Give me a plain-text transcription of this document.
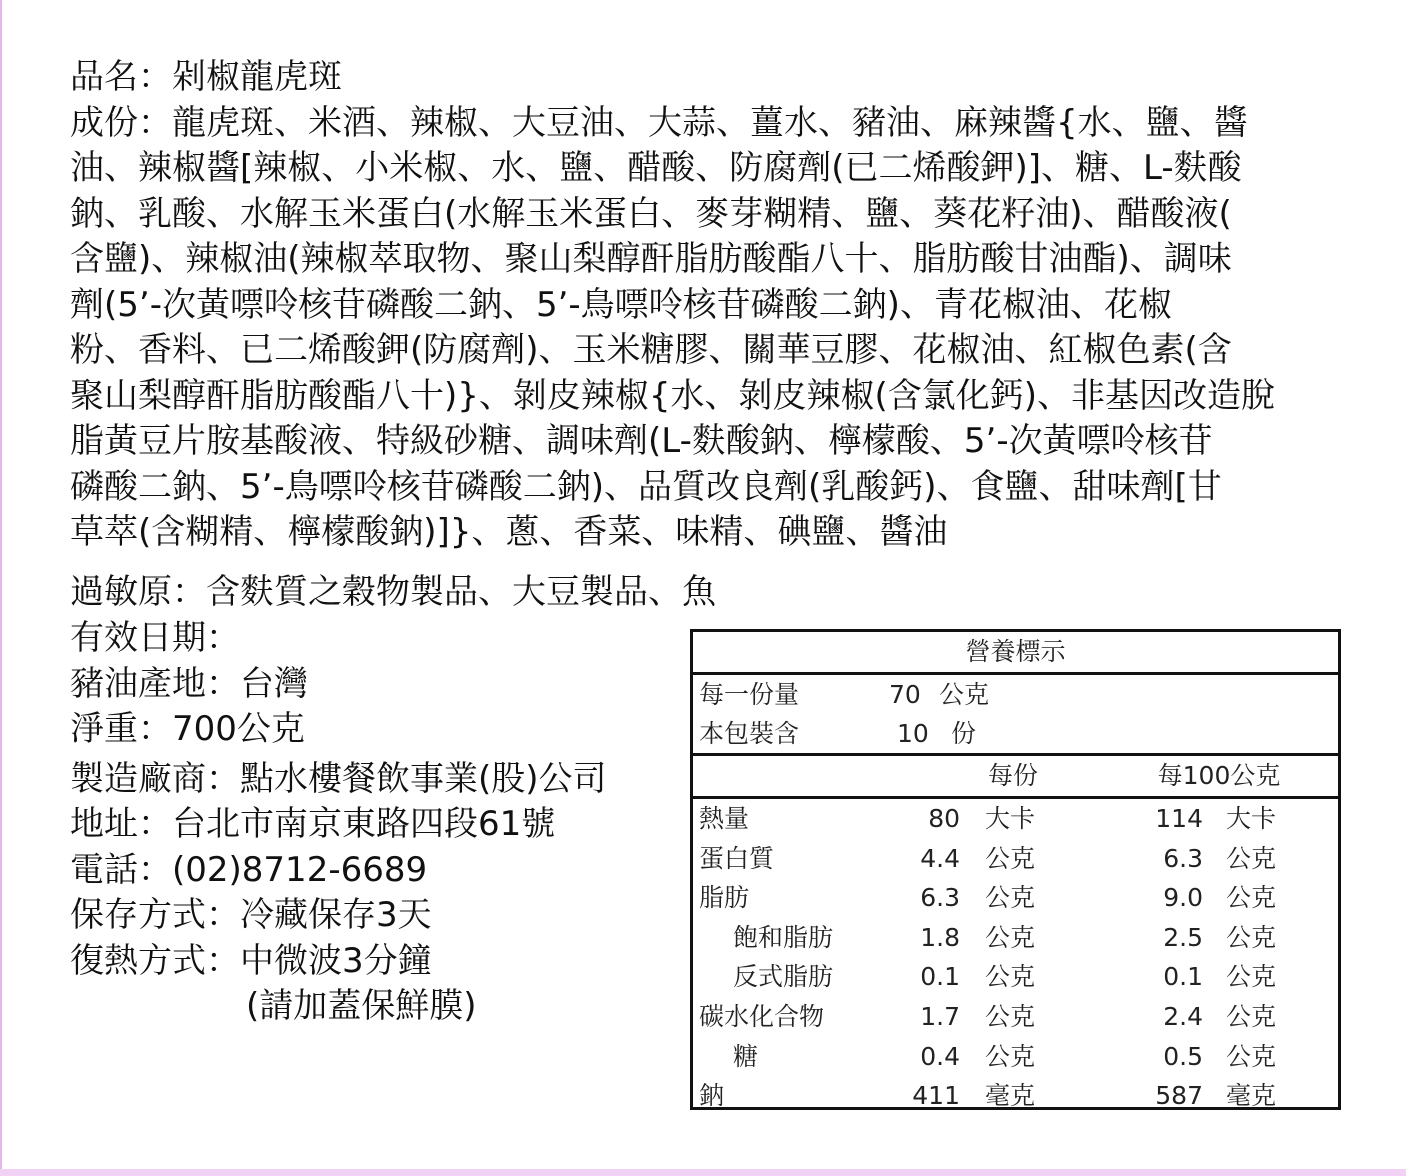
品名：剁椒龍虎斑
成份：龍虎斑、米酒、辣椒、大豆油、大蒜、薑水、豬油、麻辣醬{水、鹽、醬
油、辣椒醬[辣椒、小米椒、水、鹽、醋酸、防腐劑(已二烯酸鉀)]、糖、L-麩酸
鈉、乳酸、水解玉米蛋白(水解玉米蛋白、麥芽糊精、鹽、葵花籽油)、醋酸液(
含鹽)、辣椒油(辣椒萃取物、聚山梨醇酐脂肪酸酯八十、脂肪酸甘油酯)、調味
劑(5’-次黃嘌呤核苷磷酸二鈉、5’-鳥嘌呤核苷磷酸二鈉)、青花椒油、花椒
粉、香料、已二烯酸鉀(防腐劑)、玉米糖膠、關華豆膠、花椒油、紅椒色素(含
聚山梨醇酐脂肪酸酯八十)}、剝皮辣椒{水、剝皮辣椒(含氯化鈣)、非基因改造脫
脂黃豆片胺基酸液、特級砂糖、調味劑(L-麩酸鈉、檸檬酸、5’-次黃嘌呤核苷
磷酸二鈉、5’-鳥嘌呤核苷磷酸二鈉)、品質改良劑(乳酸鈣)、食鹽、甜味劑[甘
草萃(含糊精、檸檬酸鈉)]}、蔥、香菜、味精、碘鹽、醬油
過敏原：含麩質之穀物製品、大豆製品、魚
有效日期：
豬油產地：台灣
淨重：700公克
製造廠商：點水樓餐飲事業(股)公司
地址：台北市南京東路四段61號
電話：(02)8712-6689
保存方式：冷藏保存3天
復熱方式：中微波3分鐘
(請加蓋保鮮膜)
營養標示
每一份量	70 公克
本包裝含	10 份
每份	每100公克
熱量	80 大卡	114 大卡
蛋白質	4.4 公克	6.3 公克
脂肪	6.3 公克	9.0 公克
飽和脂肪	1.8 公克	2.5 公克
反式脂肪	0.1 公克	0.1 公克
碳水化合物	1.7 公克	2.4 公克
糖	0.4 公克	0.5 公克
鈉	411 毫克	587 毫克
